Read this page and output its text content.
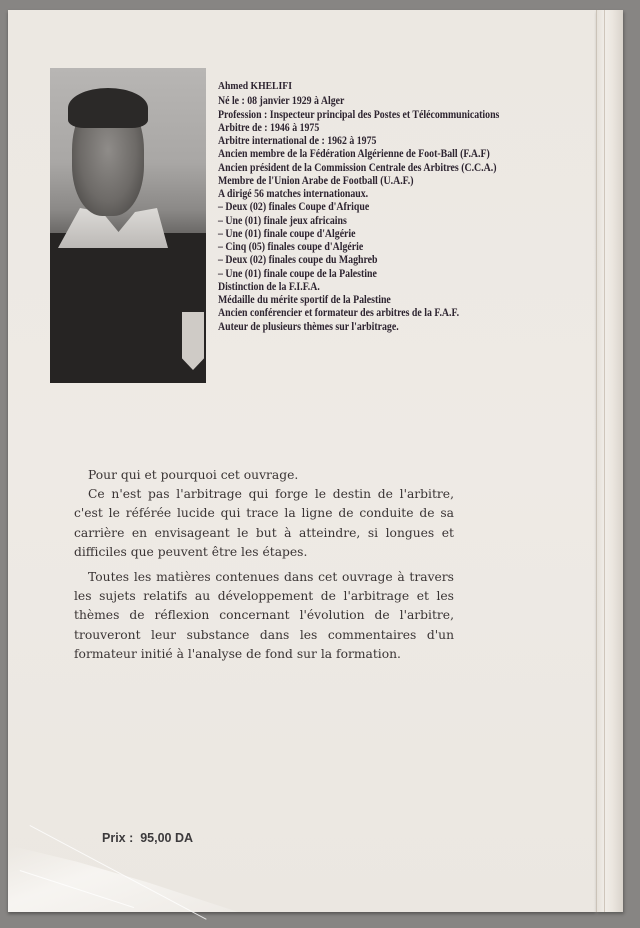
Ahmed KHELIFI
Né le : 08 janvier 1929 à Alger
Profession : Inspecteur principal des Postes et Télécommunications
Arbitre de : 1946 à 1975
Arbitre international de : 1962 à 1975
Ancien membre de la Fédération Algérienne de Foot-Ball (F.A.F)
Ancien président de la Commission Centrale des Arbitres (C.C.A.)
Membre de l'Union Arabe de Football (U.A.F.)
A dirigé 56 matches internationaux.
– Deux (02) finales Coupe d'Afrique
– Une (01) finale jeux africains
– Une (01) finale coupe d'Algérie
– Cinq (05) finales coupe d'Algérie
– Deux (02) finales coupe du Maghreb
– Une (01) finale coupe de la Palestine
Distinction de la F.I.F.A.
Médaille du mérite sportif de la Palestine
Ancien conférencier et formateur des arbitres de la F.A.F.
Auteur de plusieurs thèmes sur l'arbitrage.

Pour qui et pourquoi cet ouvrage.

Ce n'est pas l'arbitrage qui forge le destin de l'arbitre, c'est le référée lucide qui trace la ligne de conduite de sa carrière en envisageant le but à atteindre, si longues et difficiles que peuvent être les étapes.

Toutes les matières contenues dans cet ouvrage à travers les sujets relatifs au développement de l'arbitrage et les thèmes de réflexion concernant l'évolution de l'arbitre, trouveront leur substance dans les commentaires d'un formateur initié à l'analyse de fond sur la formation.

Prix : 95,00 DA
